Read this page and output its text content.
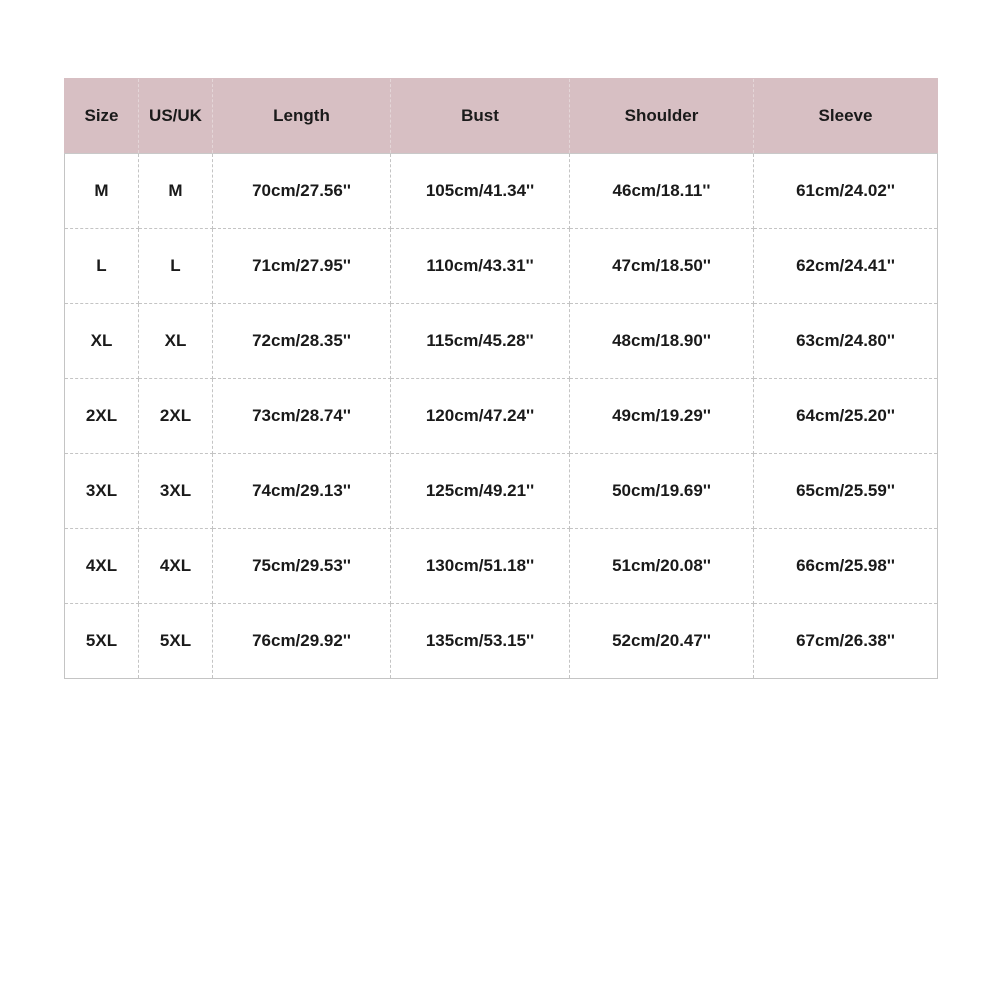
Size	US/UK	Length	Bust	Shoulder	Sleeve
M	M	70cm/27.56''	105cm/41.34''	46cm/18.11''	61cm/24.02''
L	L	71cm/27.95''	110cm/43.31''	47cm/18.50''	62cm/24.41''
XL	XL	72cm/28.35''	115cm/45.28''	48cm/18.90''	63cm/24.80''
2XL	2XL	73cm/28.74''	120cm/47.24''	49cm/19.29''	64cm/25.20''
3XL	3XL	74cm/29.13''	125cm/49.21''	50cm/19.69''	65cm/25.59''
4XL	4XL	75cm/29.53''	130cm/51.18''	51cm/20.08''	66cm/25.98''
5XL	5XL	76cm/29.92''	135cm/53.15''	52cm/20.47''	67cm/26.38''
